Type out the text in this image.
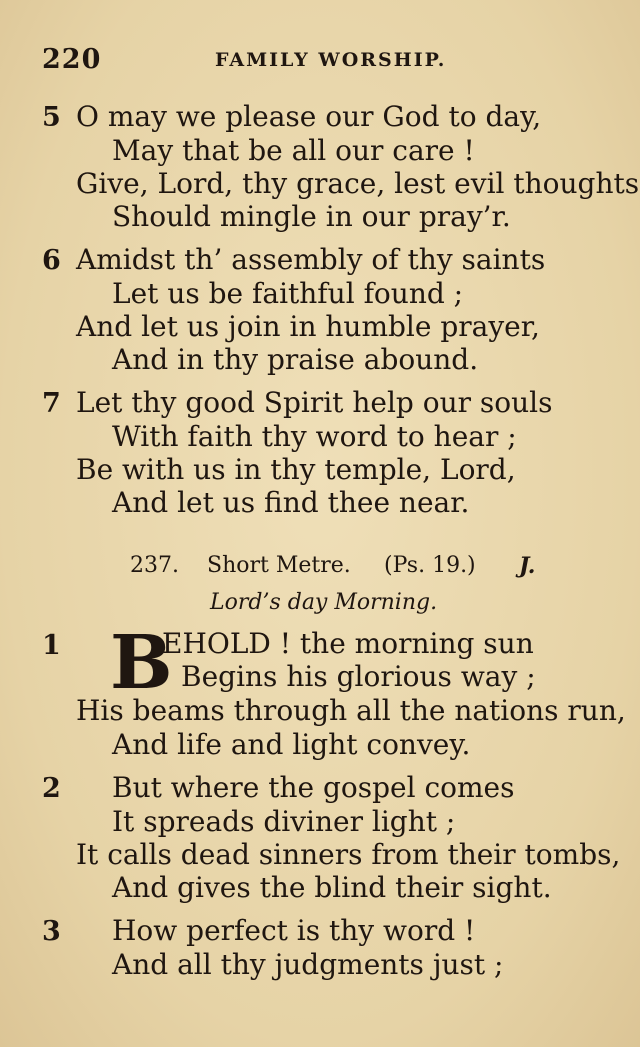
220	FAMILY WORSHIP.
5 O may we please our God to day,
May that be all our care !
Give, Lord, thy grace, lest evil thoughts
Should mingle in our pray’r.
6 Amidst th’ assembly of thy saints
Let us be faithful found ;
And let us join in humble prayer,
And in thy praise abound.
7 Let thy good Spirit help our souls
With faith thy word to hear ;
Be with us in thy temple, Lord,
And let us find thee near.
237. Short Metre. (Ps. 19.) J.
Lord’s day Morning.
1 B
EHOLD ! the morning sun
Begins his glorious way ;
His beams through all the nations run,
And life and light convey.
2 But where the gospel comes
It spreads diviner light ;
It calls dead sinners from their tombs,
And gives the blind their sight.
3 How perfect is thy word !
And all thy judgments just ;
